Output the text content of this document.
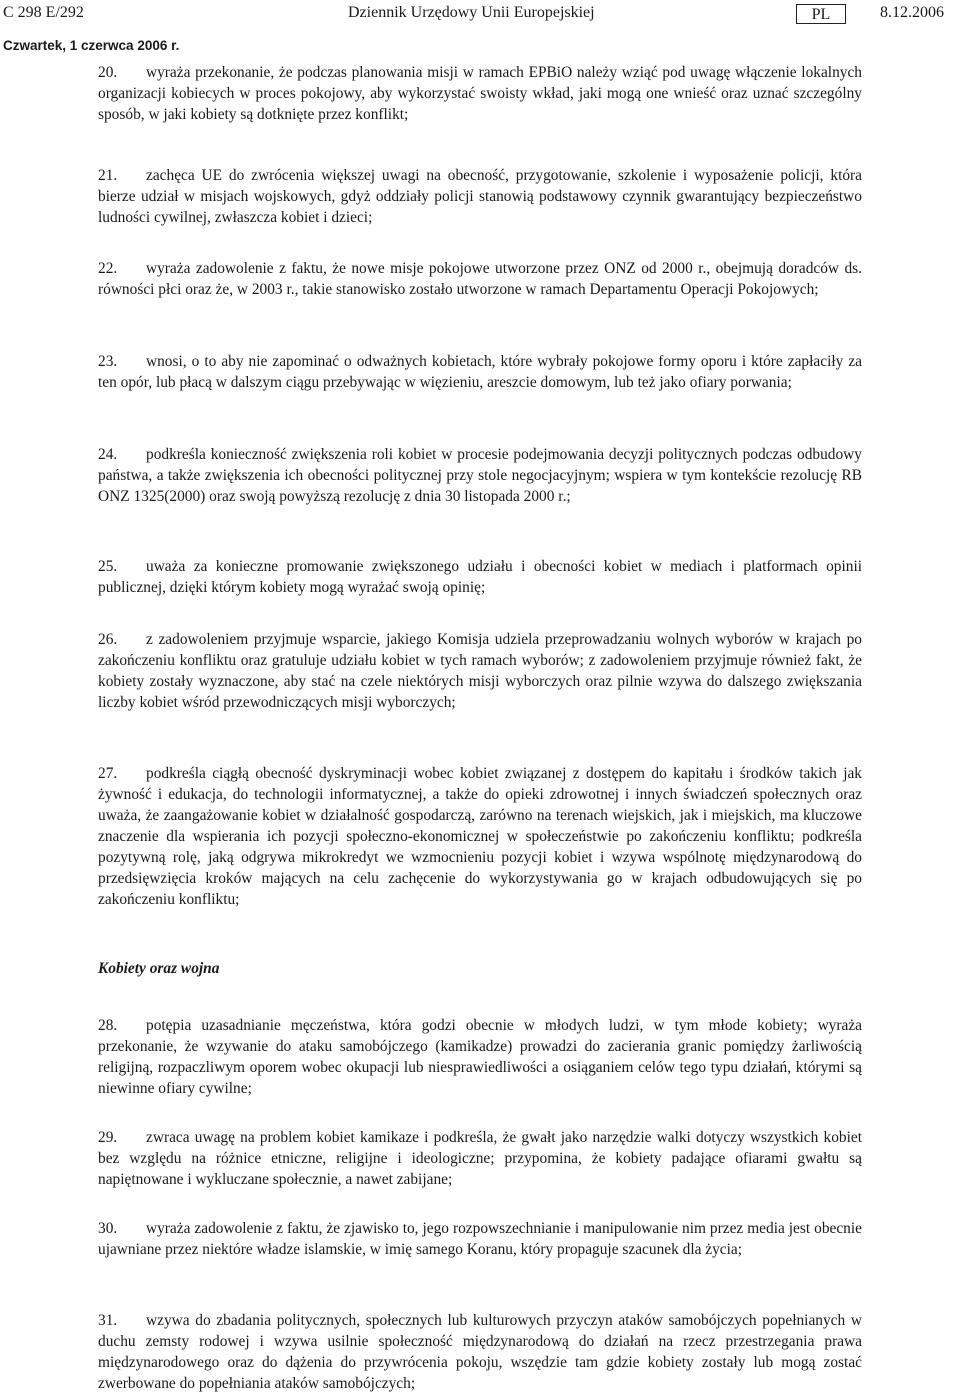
C 298 E/292	Dziennik Urzędowy Unii Europejskiej	PL	8.12.2006
Czwartek, 1 czerwca 2006 r.
20. wyraża przekonanie, że podczas planowania misji w ramach EPBiO należy wziąć pod uwagę włączenie lokalnych organizacji kobiecych w proces pokojowy, aby wykorzystać swoisty wkład, jaki mogą one wnieść oraz uznać szczególny sposób, w jaki kobiety są dotknięte przez konflikt;
21. zachęca UE do zwrócenia większej uwagi na obecność, przygotowanie, szkolenie i wyposażenie policji, która bierze udział w misjach wojskowych, gdyż oddziały policji stanowią podstawowy czynnik gwarantujący bezpieczeństwo ludności cywilnej, zwłaszcza kobiet i dzieci;
22. wyraża zadowolenie z faktu, że nowe misje pokojowe utworzone przez ONZ od 2000 r., obejmują doradców ds. równości płci oraz że, w 2003 r., takie stanowisko zostało utworzone w ramach Departamentu Operacji Pokojowych;
23. wnosi, o to aby nie zapominać o odważnych kobietach, które wybrały pokojowe formy oporu i które zapłaciły za ten opór, lub płacą w dalszym ciągu przebywając w więzieniu, areszcie domowym, lub też jako ofiary porwania;
24. podkreśla konieczność zwiększenia roli kobiet w procesie podejmowania decyzji politycznych podczas odbudowy państwa, a także zwiększenia ich obecności politycznej przy stole negocjacyjnym; wspiera w tym kontekście rezolucję RB ONZ 1325(2000) oraz swoją powyższą rezolucję z dnia 30 listopada 2000 r.;
25. uważa za konieczne promowanie zwiększonego udziału i obecności kobiet w mediach i platformach opinii publicznej, dzięki którym kobiety mogą wyrażać swoją opinię;
26. z zadowoleniem przyjmuje wsparcie, jakiego Komisja udziela przeprowadzaniu wolnych wyborów w krajach po zakończeniu konfliktu oraz gratuluje udziału kobiet w tych ramach wyborów; z zadowoleniem przyjmuje również fakt, że kobiety zostały wyznaczone, aby stać na czele niektórych misji wyborczych oraz pilnie wzywa do dalszego zwiększania liczby kobiet wśród przewodniczących misji wyborczych;
27. podkreśla ciągłą obecność dyskryminacji wobec kobiet związanej z dostępem do kapitału i środków takich jak żywność i edukacja, do technologii informatycznej, a także do opieki zdrowotnej i innych świadczeń społecznych oraz uważa, że zaangażowanie kobiet w działalność gospodarczą, zarówno na terenach wiejskich, jak i miejskich, ma kluczowe znaczenie dla wspierania ich pozycji społeczno-ekonomicznej w społeczeństwie po zakończeniu konfliktu; podkreśla pozytywną rolę, jaką odgrywa mikrokredyt we wzmocnieniu pozycji kobiet i wzywa wspólnotę międzynarodową do przedsięwzięcia kroków mających na celu zachęcenie do wykorzystywania go w krajach odbudowujących się po zakończeniu konfliktu;
Kobiety oraz wojna
28. potępia uzasadnianie męczeństwa, która godzi obecnie w młodych ludzi, w tym młode kobiety; wyraża przekonanie, że wzywanie do ataku samobójczego (kamikadze) prowadzi do zacierania granic pomiędzy żarliwością religijną, rozpaczliwym oporem wobec okupacji lub niesprawiedliwości a osiąganiem celów tego typu działań, którymi są niewinne ofiary cywilne;
29. zwraca uwagę na problem kobiet kamikaze i podkreśla, że gwałt jako narzędzie walki dotyczy wszystkich kobiet bez względu na różnice etniczne, religijne i ideologiczne; przypomina, że kobiety padające ofiarami gwałtu są napiętnowane i wykluczane społecznie, a nawet zabijane;
30. wyraża zadowolenie z faktu, że zjawisko to, jego rozpowszechnianie i manipulowanie nim przez media jest obecnie ujawniane przez niektóre władze islamskie, w imię samego Koranu, który propaguje szacunek dla życia;
31. wzywa do zbadania politycznych, społecznych lub kulturowych przyczyn ataków samobójczych popełnianych w duchu zemsty rodowej i wzywa usilnie społeczność międzynarodową do działań na rzecz przestrzegania prawa międzynarodowego oraz do dążenia do przywrócenia pokoju, wszędzie tam gdzie kobiety zostały lub mogą zostać zwerbowane do popełniania ataków samobójczych;
